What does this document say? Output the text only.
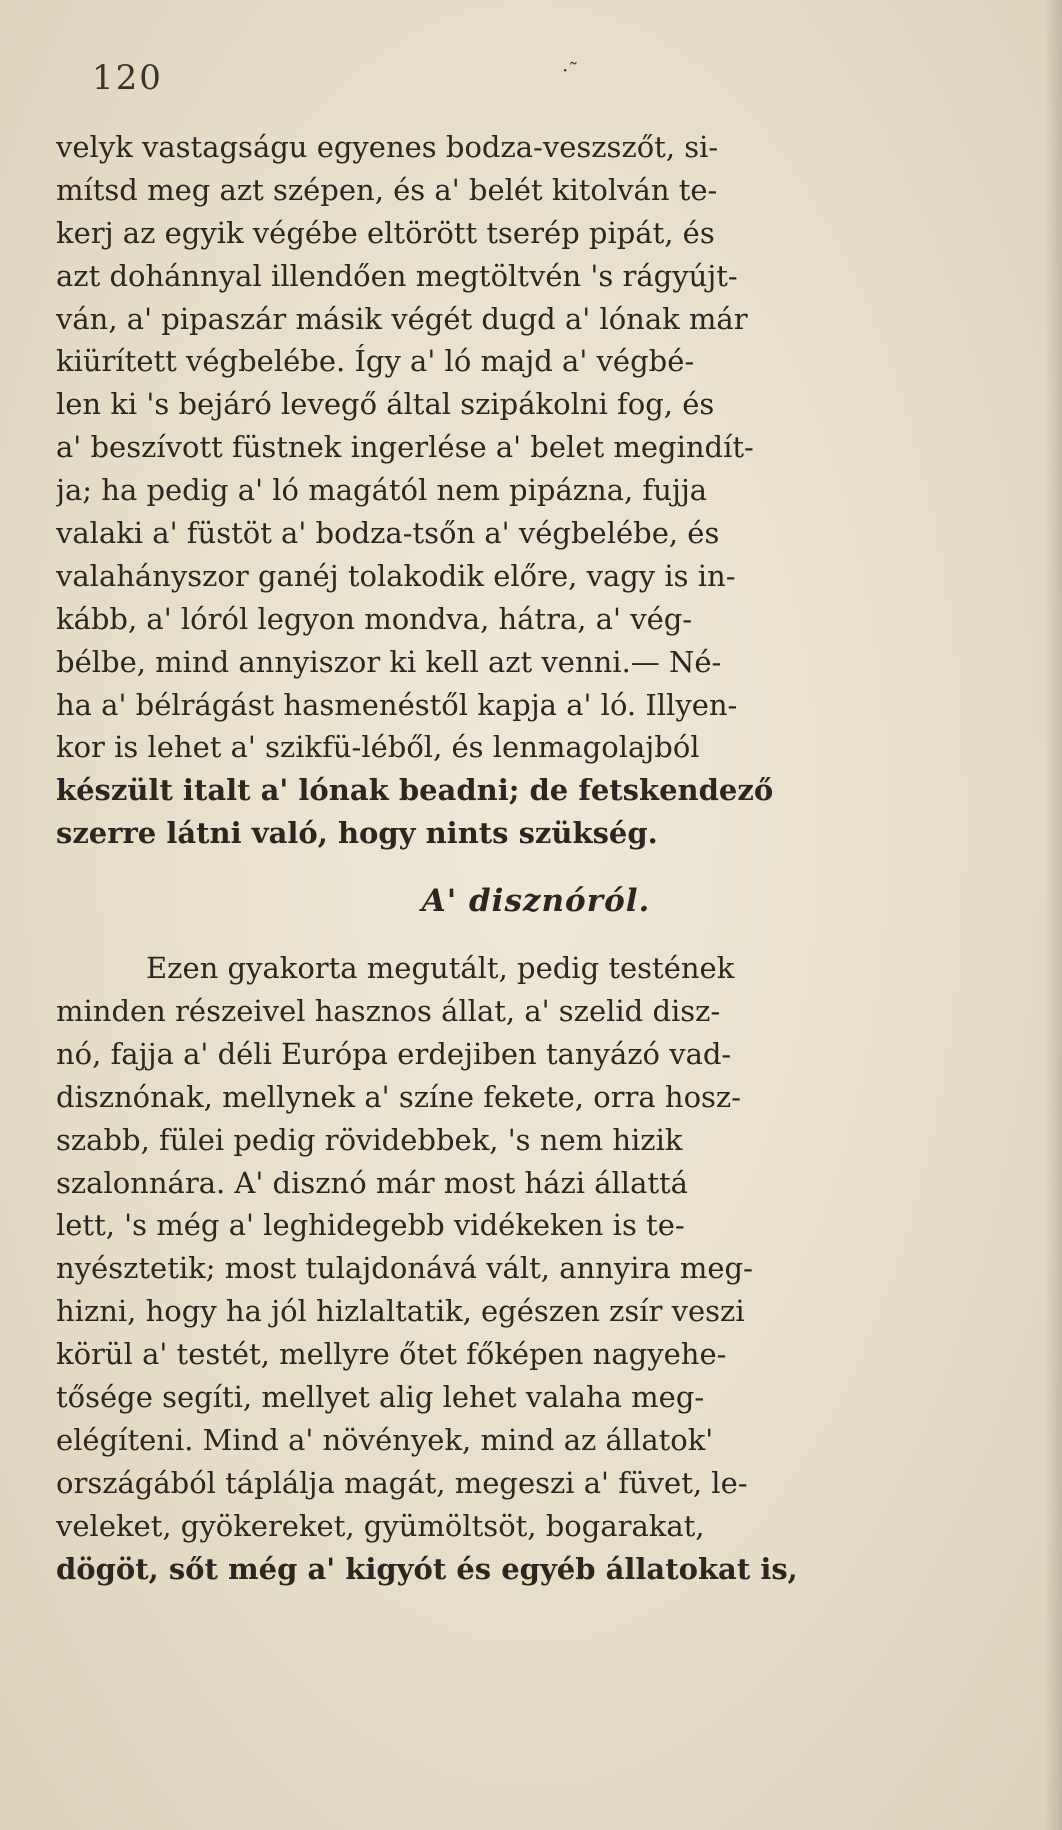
120	·˜
velyk vastagságu egyenes bodza-veszszőt, si-
mítsd meg azt szépen, és a' belét kitolván te-
kerj az egyik végébe eltörött tserép pipát, és
azt dohánnyal illendően megtöltvén 's rágyújt-
ván, a' pipaszár másik végét dugd a' lónak már
kiürített végbelébe. Így a' ló majd a' végbé-
len ki 's bejáró levegő által szipákolni fog, és
a' beszívott füstnek ingerlése a' belet megindít-
ja; ha pedig a' ló magától nem pipázna, fujja
valaki a' füstöt a' bodza-tsőn a' végbelébe, és
valahányszor ganéj tolakodik előre, vagy is in-
kább, a' lóról legyon mondva, hátra, a' vég-
bélbe, mind annyiszor ki kell azt venni.— Né-
ha a' bélrágást hasmenéstől kapja a' ló. Illyen-
kor is lehet a' szikfü-léből, és lenmagolajból
készült italt a' lónak beadni; de fetskendező
szerre látni való, hogy nints szükség.
A' disznóról.
Ezen gyakorta megutált, pedig testének
minden részeivel hasznos állat, a' szelid disz-
nó, fajja a' déli Európa erdejiben tanyázó vad-
disznónak, mellynek a' színe fekete, orra hosz-
szabb, fülei pedig rövidebbek, 's nem hizik
szalonnára. A' disznó már most házi állattá
lett, 's még a' leghidegebb vidékeken is te-
nyésztetik; most tulajdonává vált, annyira meg-
hizni, hogy ha jól hizlaltatik, egészen zsír veszi
körül a' testét, mellyre őtet főképen nagyehe-
tősége segíti, mellyet alig lehet valaha meg-
elégíteni. Mind a' növények, mind az állatok'
országából táplálja magát, megeszi a' füvet, le-
veleket, gyökereket, gyümöltsöt, bogarakat,
dögöt, sőt még a' kigyót és egyéb állatokat is,
